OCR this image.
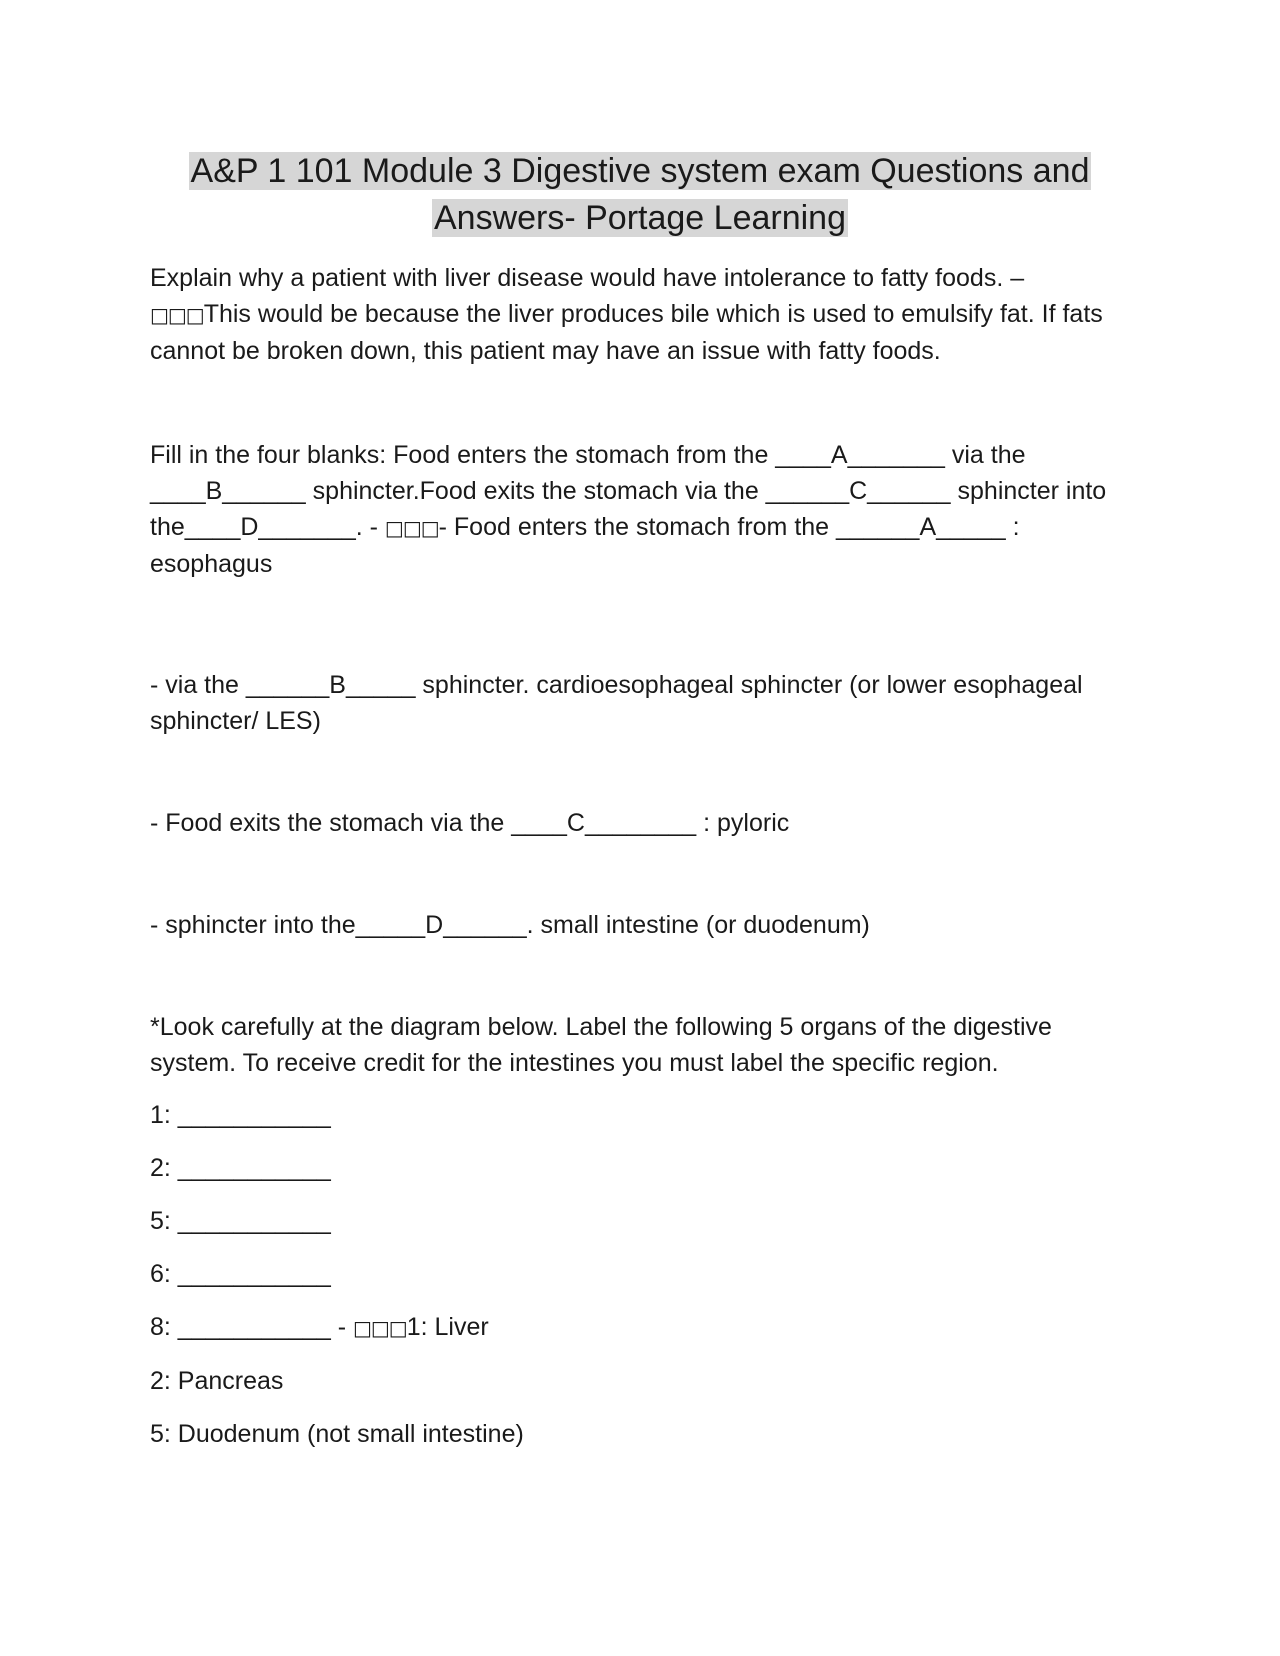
A&P 1 101 Module 3 Digestive system exam Questions and
Answers- Portage Learning

Explain why a patient with liver disease would have intolerance to fatty foods. –
□□□This would be because the liver produces bile which is used to emulsify fat. If fats cannot be broken down, this patient may have an issue with fatty foods.

Fill in the four blanks: Food enters the stomach from the ____A_______ via the ____B______ sphincter.Food exits the stomach via the ______C______ sphincter into the____D_______. - □□□- Food enters the stomach from the ______A_____ : esophagus

- via the ______B_____ sphincter. cardioesophageal sphincter (or lower esophageal sphincter/ LES)

- Food exits the stomach via the ____C________ : pyloric

- sphincter into the_____D______. small intestine (or duodenum)

*Look carefully at the diagram below. Label the following 5 organs of the digestive system. To receive credit for the intestines you must label the specific region.

1: ___________

2: ___________

5: ___________

6: ___________

8: ___________ - □□□1: Liver

2: Pancreas

5: Duodenum (not small intestine)
